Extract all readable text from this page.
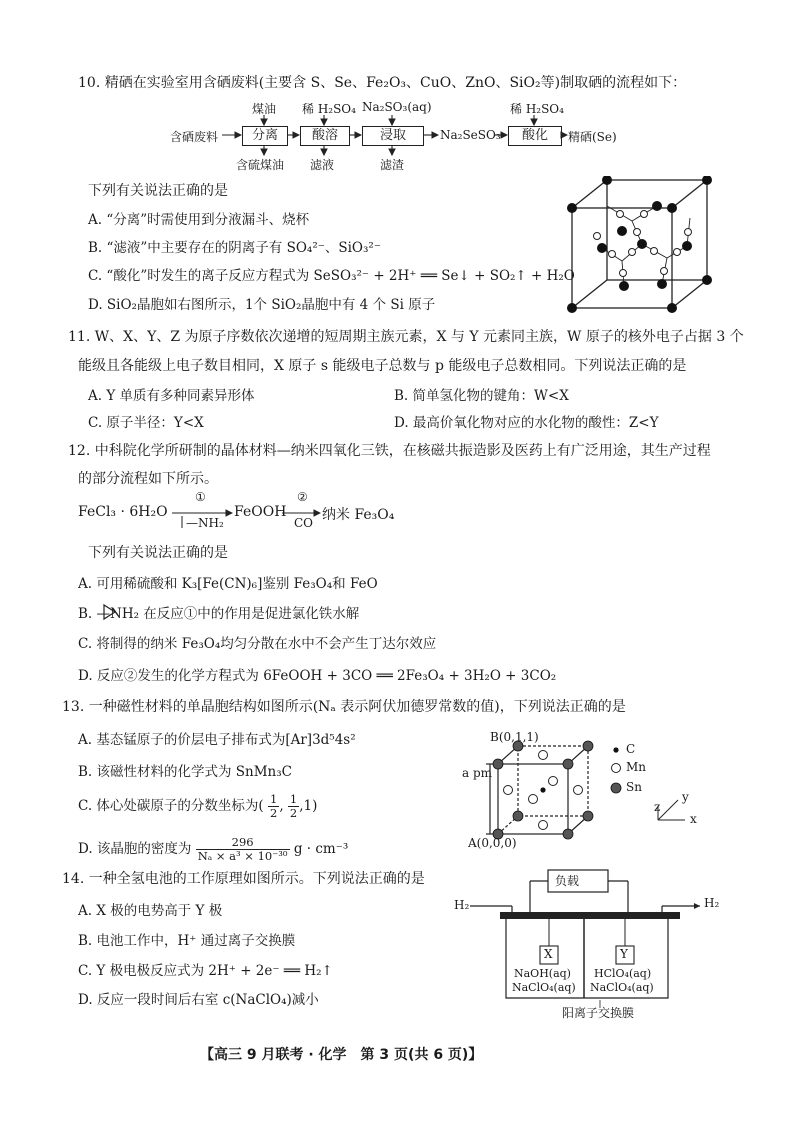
10. 精硒在实验室用含硒废料(主要含 S、Se、Fe₂O₃、CuO、ZnO、SiO₂等)制取硒的流程如下：
含硒废料
煤油
分离
含硫煤油
稀 H₂SO₄
酸溶
滤液
Na₂SO₃(aq)
浸取
滤渣
Na₂SeSO₃
稀 H₂SO₄
酸化	精硒(Se)
下列有关说法正确的是
A. “分离”时需使用到分液漏斗、烧杯
B. “滤液”中主要存在的阴离子有 SO₄²⁻、SiO₃²⁻
C. “酸化”时发生的离子反应方程式为 SeSO₃²⁻ + 2H⁺ ══ Se↓ + SO₂↑ + H₂O
D. SiO₂晶胞如右图所示，1个 SiO₂晶胞中有 4 个 Si 原子
11. W、X、Y、Z 为原子序数依次递增的短周期主族元素，X 与 Y 元素同主族，W 原子的核外电子占据 3 个
能级且各能级上电子数目相同，X 原子 s 能级电子总数与 p 能级电子总数相同。下列说法正确的是
A. Y 单质有多种同素异形体	B. 简单氢化物的键角：W<X
C. 原子半径：Y<X	D. 最高价氧化物对应的水化物的酸性：Z<Y
12. 中科院化学所研制的晶体材料—纳米四氧化三铁，在核磁共振造影及医药上有广泛用途，其生产过程
的部分流程如下所示。
FeCl₃ · 6H₂O
①
—NH₂
FeOOH
②
CO 纳米 Fe₃O₄
下列有关说法正确的是
A. 可用稀硫酸和 K₃[Fe(CN)₆]鉴别 Fe₃O₄和 FeO
B. —NH₂ 在反应①中的作用是促进氯化铁水解
C. 将制得的纳米 Fe₃O₄均匀分散在水中不会产生丁达尔效应
D. 反应②发生的化学方程式为 6FeOOH + 3CO ══ 2Fe₃O₄ + 3H₂O + 3CO₂
13. 一种磁性材料的单晶胞结构如图所示(Nₐ 表示阿伏加德罗常数的值)，下列说法正确的是
A. 基态锰原子的价层电子排布式为[Ar]3d⁵4s²
B. 该磁性材料的化学式为 SnMn₃C
C. 体心处碳原子的分数坐标为( $\frac{1}{2}$ , $\frac{1}{2} ,1$)
D. 该晶胞的密度为 $\frac{296}{\text{Nₐ × a³ × 10⁻³⁰}}$ g · cm⁻³
B(0,1,1)
A(0,0,0)
a pm
C
Mn
Sn
z
y
x
14. 一种全氢电池的工作原理如图所示。下列说法正确的是
A. X 极的电势高于 Y 极
B. 电池工作中，H⁺ 通过离子交换膜
C. Y 极电极反应式为 2H⁺ + 2e⁻ ══ H₂↑
D. 反应一段时间后右室 c(NaClO₄)减小
负载
H₂	H₂
X	Y
NaOH(aq)
NaClO₄(aq)
HClO₄(aq)
NaClO₄(aq)
阳离子交换膜
【高三 9 月联考 · 化学　第 3 页(共 6 页)】
